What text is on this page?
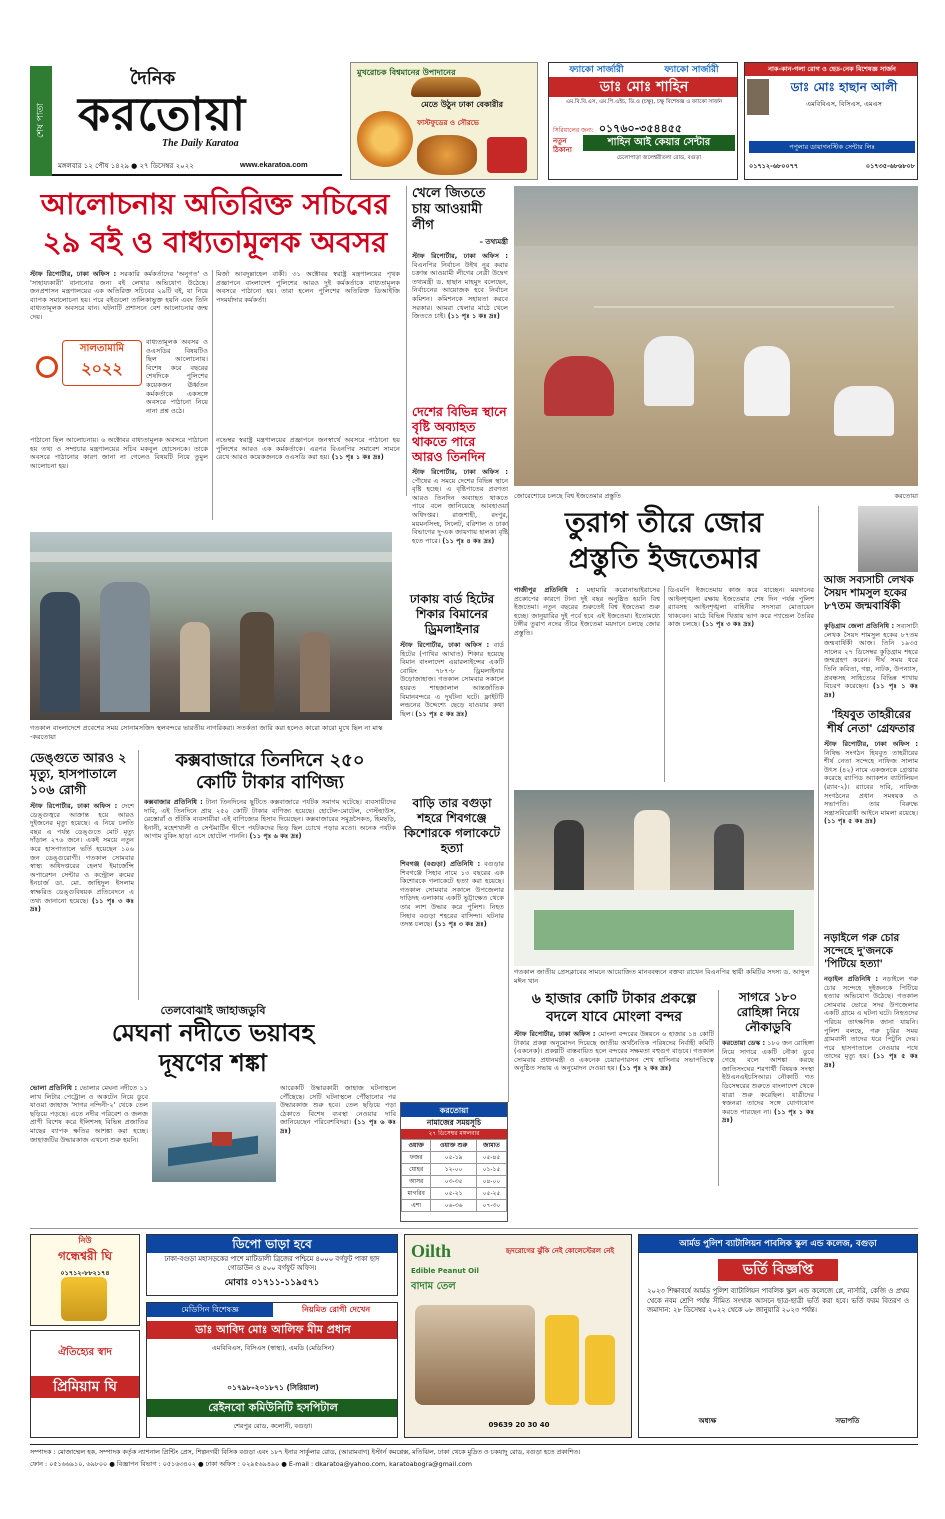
শেষ পাতা
দৈনিক
করতোয়া
The Daily Karatoa
মঙ্গলবার ১২ পৌষ ১৪২৯ ● ২৭ ডিসেম্বর ২০২২	www.ekaratoa.com
মুখরোচক বিশ্বমানের উপাদানের
মেতে উঠুন ঢাকা বেকারীর
ফাস্টফুডের ও সৌরভে
ফ্যাকো সার্জারী	ফ্যাকো সার্জারী
ডাঃ মোঃ শাহিন
এম.বি.বি.এস, এম.পি.এইচ, ডি.ও (চক্ষু), চক্ষু বিশেষজ্ঞ ও ফ্যাকো সার্জন
সিরিয়ালের জন্য: ০১৭৬০-৩৫৪৪৫৫
নতুন ঠিকানা
শাহিন আই কেয়ার সেন্টার
চেলোপাড়া জলেশ্বরীতলা রোড, বগুড়া
নাক-কান-গলা রোগ ও হেড-নেক বিশেষজ্ঞ সার্জন
ডাঃ মোঃ হাছান আলী
এমবিবিএস, বিসিএস, এমএস
পপুলার ডায়াগনস্টিক সেন্টার লিঃ
০১৭১২-৬৮০০৭৭	০১৭৩৫-৬৮৬৮০৮
আলোচনায় অতিরিক্ত সচিবের
২৯ বই ও বাধ্যতামূলক অবসর
স্টাফ রিপোর্টার, ঢাকা অফিস : সরকারি কর্মকর্তাদের 'অনুগত' ও 'সাহায্যকারী' বানানোর জন্য বই লেখার অভিযোগ উঠেছে। জনপ্রশাসন মন্ত্রণালয়ের এক অতিরিক্ত সচিবের ২৯টি বই, যা নিয়ে ব্যাপক সমালোচনা হয়। পরে বইগুলো তালিকাভুক্ত হয়নি এবং তিনি বাধ্যতামূলক অবসরে যান। ঘটনাটি প্রশাসনে বেশ আলোচনার জন্ম দেয়।
সালতামামি
২০২২
বাধ্যতামূলক অবসর ও ওএসডির বিষয়টিও ছিল আলোচনায়। বিশেষ করে বছরের শেষদিকে পুলিশের কয়েকজন ঊর্ধ্বতন কর্মকর্তাকে একসঙ্গে অবসরে পাঠানো নিয়ে নানা প্রশ্ন ওঠে।
পাঠানো ছিল আলোচনায়। ৬ অক্টোবর বাধ্যতামূলক অবসরে পাঠানো হয় তথ্য ও সম্প্রচার মন্ত্রণালয়ের সচিব মকবুল হোসেনকে। তাকে অবসরে পাঠানোর কারণ জানা না গেলেও বিষয়টি নিয়ে তুমুল আলোচনা হয়।
মির্জা আবদুল্লাহেল বাকী। ৩১ অক্টোবর স্বরাষ্ট্র মন্ত্রণালয়ের পৃথক প্রজ্ঞাপনে বাংলাদেশ পুলিশের আরও দুই কর্মকর্তাকে বাধ্যতামূলক অবসরে পাঠানো হয়। তারা হলেন পুলিশের অতিরিক্ত ডিআইজি পদমর্যাদার কর্মকর্তা।
নভেম্বর স্বরাষ্ট্র মন্ত্রণালয়ের প্রজ্ঞাপনে জনস্বার্থে অবসরে পাঠানো হয় পুলিশের আরও এক কর্মকর্তাকে। এরপর বিএনপির সমাবেশ সামনে রেখে আরও কয়েকজনকে ওএসডি করা হয়। (১১ পৃঃ ১ কঃ দ্রঃ)
গতকাল বাংলাদেশে প্রবেশের সময় সোনামসজিদ স্থলবন্দরে ভারতীয় নাগরিকরা। সতর্কতা জারি করা হলেও কারো কারো মুখে ছিল না মাস্ক -করতোয়া
খেলে জিততে চায় আওয়ামী লীগ
– তথ্যমন্ত্রী
স্টাফ রিপোর্টার, ঢাকা অফিস : বিএনপির নির্বাচন উইথ নুর করার চক্রান্ত আওয়ামী লীগের নেত্রী উদ্বেগ তথ্যমন্ত্রী ড. হাছান মাহমুদ বলেছেন, নির্বাচনের আয়োজক হবে নির্বাচন কমিশন। কমিশনকে সহায়তা করবে সরকার। আমরা খেলার মাঠে খেলে জিততে চাই। (১১ পৃঃ ১ কঃ দ্রঃ)
দেশের বিভিন্ন স্থানে বৃষ্টি অব্যাহত থাকতে পারে আরও তিনদিন
স্টাফ রিপোর্টার, ঢাকা অফিস : পৌষের এ সময়ে দেশের বিভিন্ন স্থানে বৃষ্টি হচ্ছে। এ বৃষ্টিপাতের প্রবণতা আরও তিনদিন অব্যাহত থাকতে পারে বলে জানিয়েছে আবহাওয়া অধিদপ্তর। রাজশাহী, রংপুর, ময়মনসিংহ, সিলেট, বরিশাল ও ঢাকা বিভাগের দু-এক জায়গায় হালকা বৃষ্টি হতে পারে। (১১ পৃঃ ৪ কঃ দ্রঃ)
জোরেশোরে চলছে বিশ্ব ইজতেমার প্রস্তুতি	করতোয়া
আজ সব্যসাচী লেখক সৈয়দ শামসুল হকের ৮৭তম জন্মবার্ষিকী
কুড়িগ্রাম জেলা প্রতিনিধি : সব্যসাচী লেখক সৈয়দ শামসুল হকের ৮৭তম জন্মবার্ষিকী আজ। তিনি ১৯৩৫ সালের ২৭ ডিসেম্বর কুড়িগ্রাম শহরে জন্মগ্রহণ করেন। দীর্ঘ সময় ধরে তিনি কবিতা, গল্প, নাটক, উপন্যাস, প্রবন্ধসহ সাহিত্যের বিভিন্ন শাখায় বিচরণ করেছেন। (১১ পৃঃ ১ কঃ দ্রঃ)
'হিযবুত তাহরীরের শীর্ষ নেতা' গ্রেফতার
স্টাফ রিপোর্টার, ঢাকা অফিস : নিষিদ্ধ সংগঠন হিযবুত তাহরীরের শীর্ষ নেতা সন্দেহে নাফিজ সালাম উৎস (৪২) নামে একজনকে গ্রেপ্তার করেছে র‌্যাপিড অ্যাকশন ব্যাটালিয়ন (র‌্যাব-২)। র‌্যাবের দাবি, নাফিজ সংগঠনের প্রধান সমন্বয়ক ও সভাপতি। তার বিরুদ্ধে সন্ত্রাসবিরোধী আইনে মামলা রয়েছে। (১১ পৃঃ ৫ কঃ দ্রঃ)
নড়াইলে গরু চোর সন্দেহে দু'জনকে 'পিটিয়ে হত্যা'
নড়াইল প্রতিনিধি : নড়াইলে গরু চোর সন্দেহে দুইজনকে পিটিয়ে হত্যার অভিযোগ উঠেছে। গতকাল সোমবার ভোরে সদর উপজেলার একটি গ্রামে এ ঘটনা ঘটে। নিহতদের পরিচয় তাৎক্ষণিক জানা যায়নি। পুলিশ বলছে, গরু চুরির সময় গ্রামবাসী তাদের ধরে পিটুনি দেয়। পরে হাসপাতালে নেওয়ার পথে তাদের মৃত্যু হয়। (১১ পৃঃ ৫ কঃ দ্রঃ)
তুরাগ তীরে জোর
প্রস্তুতি ইজতেমার
গাজীপুর প্রতিনিধি : মহামারি করোনাভাইরাসের প্রকোপের কারণে টানা দুই বছর অনুষ্ঠিত হয়নি বিশ্ব ইজতেমা। নতুন বছরের শুরুতেই বিশ্ব ইজতেমা শুরু হচ্ছে। জানুয়ারির দুই পর্বে হবে এই ইজতেমা। ইতোমধ্যে টঙ্গীর তুরাগ নদের তীরে ইজতেমা ময়দানে চলছে জোর প্রস্তুতি।
ডিএমপি ইজতেমায় কাজ করে যাচ্ছেন। ময়দানের আইনশৃঙ্খলা রক্ষায় ইজতেমার শেষ দিন পর্যন্ত পুলিশ র‌্যাবসহ আইনশৃঙ্খলা বাহিনীর সদস্যরা মোতায়েন থাকবেন। মাঠে বিভিন্ন খিত্তায় ভাগ করে প্যান্ডেল তৈরির কাজ চলছে। (১১ পৃঃ ৩ কঃ দ্রঃ)
ঢাকায় বার্ড হিটের শিকার বিমানের ড্রিমলাইনার
স্টাফ রিপোর্টার, ঢাকা অফিস : বার্ড হিটের (পাখির আঘাত) শিকার হয়েছে বিমান বাংলাদেশ এয়ারলাইন্সের একটি বোয়িং ৭৮৭-৮ ড্রিমলাইনার উড়োজাহাজ। গতকাল সোমবার সকালে হযরত শাহজালাল আন্তর্জাতিক বিমানবন্দরে এ দুর্ঘটনা ঘটে। ফ্লাইটটি লন্ডনের উদ্দেশ্যে ছেড়ে যাওয়ার কথা ছিল। (১১ পৃঃ ৫ কঃ দ্রঃ)
বাড়ি তার বগুড়া শহরে শিবগঞ্জে কিশোরকে গলাকেটে হত্যা
শিবগঞ্জ (বগুড়া) প্রতিনিধি : বগুড়ার শিবগঞ্জে সিহাব নামে ১৩ বছরের এক কিশোরকে গলাকেটে হত্যা করা হয়েছে। গতকাল সোমবার সকালে উপজেলার দাড়িদহ এলাকায় একটি ভুট্টাক্ষেত থেকে তার লাশ উদ্ধার করে পুলিশ। নিহত সিহাব বগুড়া শহরের বাসিন্দা। ঘটনার তদন্ত চলছে। (১১ পৃঃ ৩ কঃ দ্রঃ)
ডেঙ্গুতে আরও ২ মৃত্যু, হাসপাতালে ১০৬ রোগী
স্টাফ রিপোর্টার, ঢাকা অফিস : দেশে ডেঙ্গুজ্বরে আক্রান্ত হয়ে আরও দুইজনের মৃত্যু হয়েছে। এ নিয়ে চলতি বছর এ পর্যন্ত ডেঙ্গুতে মোট মৃত্যু দাঁড়াল ২৭৬ জনে। একই সময়ে নতুন করে হাসপাতালে ভর্তি হয়েছেন ১০৬ জন ডেঙ্গুরোগী। গতকাল সোমবার স্বাস্থ্য অধিদপ্তরের হেলথ ইমার্জেন্সি অপারেশন সেন্টার ও কন্ট্রোল রুমের ইনচার্জ ডা. মো. জাহিদুল ইসলাম স্বাক্ষরিত ডেঙ্গুবিষয়ক প্রতিবেদনে এ তথ্য জানানো হয়েছে। (১১ পৃঃ ৩ কঃ দ্রঃ)
কক্সবাজারে তিনদিনে ২৫০
কোটি টাকার বাণিজ্য
কক্সবাজার প্রতিনিধি : টানা তিনদিনের ছুটিতে কক্সবাজারে পর্যটক সমাগম ঘটেছে। ব্যবসায়ীদের দাবি, এই তিনদিনে প্রায় ২৫০ কোটি টাকার বাণিজ্য হয়েছে। হোটেল-মোটেল, গেস্টহাউস, রেস্তোরাঁ ও শুঁটকি ব্যবসায়ীরা এই বাণিজ্যের হিসাব দিয়েছেন। কক্সবাজারের সমুদ্রসৈকত, হিমছড়ি, ইনানী, মহেশখালী ও সেন্টমার্টিন দ্বীপে পর্যটকদের ভিড় ছিল চোখে পড়ার মতো। অনেক পর্যটক আগাম বুকিং ছাড়া এসে হোটেল পাননি। (১১ পৃঃ ৬ কঃ দ্রঃ)
গতকাল জাতীয় প্রেসক্লাবের সামনে আয়োজিত মানববন্ধনে বক্তব্য রাখেন বিএনপির স্থায়ী কমিটির সদস্য ড. আব্দুল মঈন খান
৬ হাজার কোটি টাকার প্রকল্পে বদলে যাবে মোংলা বন্দর
স্টাফ রিপোর্টার, ঢাকা অফিস : মোংলা বন্দরের উন্নয়নে ৬ হাজার ১৪ কোটি টাকার প্রকল্প অনুমোদন দিয়েছে জাতীয় অর্থনৈতিক পরিষদের নির্বাহী কমিটি (একনেক)। প্রকল্পটি বাস্তবায়িত হলে বন্দরের সক্ষমতা বহুগুণ বাড়বে। গতকাল সোমবার প্রধানমন্ত্রী ও একনেক চেয়ারপারসন শেখ হাসিনার সভাপতিত্বে অনুষ্ঠিত সভায় এ অনুমোদন দেওয়া হয়। (১১ পৃঃ ২ কঃ দ্রঃ)
সাগরে ১৮০ রোহিঙ্গা নিয়ে নৌকাডুবি
করতোয়া ডেস্ক : ১৮০ জন রোহিঙ্গা নিয়ে সাগরে একটি নৌকা ডুবে গেছে বলে আশঙ্কা করছে জাতিসংঘের শরণার্থী বিষয়ক সংস্থা ইউএনএইচসিআর। নৌকাটি গত ডিসেম্বরের শুরুতে বাংলাদেশ থেকে যাত্রা শুরু করেছিল। যাত্রীদের স্বজনরা তাদের সঙ্গে যোগাযোগ করতে পারছেন না। (১১ পৃঃ ১ কঃ দ্রঃ)
তেলবোঝাই জাহাজডুবি
মেঘনা নদীতে ভয়াবহ
দূষণের শঙ্কা
ভোলা প্রতিনিধি : ভোলার মেঘনা নদীতে ১১ লাখ লিটার পেট্রোল ও অকটেন নিয়ে ডুবে যাওয়া জাহাজ 'সাগর নন্দিনী-২' থেকে তেল ছড়িয়ে পড়ছে। এতে নদীর পরিবেশ ও জলজ প্রাণী বিশেষ করে ইলিশসহ বিভিন্ন প্রজাতির মাছের ব্যাপক ক্ষতির আশঙ্কা করা হচ্ছে। জাহাজটির উদ্ধারকাজ এখনো শুরু হয়নি।
আরেকটি উদ্ধারকারী জাহাজ ঘটনাস্থলে পৌঁছেছে। সেটি ঘটনাস্থলে পৌঁছানোর পর উদ্ধারকাজ শুরু হবে। তেল ছড়িয়ে পড়া ঠেকাতে বিশেষ ব্যবস্থা নেওয়ার দাবি জানিয়েছেন পরিবেশবিদরা। (১১ পৃঃ ৬ কঃ দ্রঃ)
করতোয়া
নামাজের সময়সূচি
২৭ ডিসেম্বর মঙ্গলবার
ওয়াক্ত	ওয়াক্ত শুরু	জামাত
ফজর	০৫-১৯	০৫-৪৫
যোহর	১২-০০	০১-১৫
আসর	০৩-৩৫	০৪-০০
মাগরিব	০৫-২১	০৫-২৫
এশা	০৬-৩৬	০৭-৩০
নিউ
গন্ধেশ্বরী ঘি
০১৭১২-৮৮২১৭৪
ঐতিহ্যের স্বাদ
প্রিমিয়াম ঘি
ডিপো ভাড়া হবে
ঢাকা-বগুড়া মহাসড়কের পাশে মাটিডালী ব্রিজের পশ্চিমে ৪০০০ বর্গফুট পাকা ছাদ গোডাউন ও ৫০০ বর্গফুট অফিস।
মোবাঃ ০১৭১১-১১৯৫৭১
মেডিসিন বিশেষজ্ঞ	নিয়মিত রোগী দেখেন
ডাঃ আবিদ মোঃ আলিফ মীম প্রধান
এমবিবিএস, বিসিএস (স্বাস্থ্য), এমডি (মেডিসিন)
০১৭৯৮-২০১৮৭১ (সিরিয়াল)
রেইনবো কমিউনিটি হসপিটাল
শেরপুর রোড, কলোনী, বগুড়া।
Oilth
Edible Peanut Oil
বাদাম তেল
হৃদরোগের ঝুঁকি নেই কোলেস্টেরল নেই
09639 20 30 40
আর্মড পুলিশ ব্যাটালিয়ন পাবলিক স্কুল এন্ড কলেজ, বগুড়া
ভর্তি বিজ্ঞপ্তি
২০২৩ শিক্ষাবর্ষে আর্মড পুলিশ ব্যাটালিয়ন পাবলিক স্কুল এন্ড কলেজে প্লে, নার্সারি, কেজি ও প্রথম থেকে নবম শ্রেণি পর্যন্ত সীমিত সংখ্যক আসনে ছাত্র-ছাত্রী ভর্তি করা হবে। ভর্তি ফরম বিতরণ ও জমাদান: ২৮ ডিসেম্বর ২০২২ থেকে ০৮ জানুয়ারি ২০২৩ পর্যন্ত।
অধ্যক্ষ	সভাপতি
সম্পাদক : মোজাম্মেল হক, সম্পাদক কর্তৃক ন্যাশনাল প্রিন্টিং প্রেস, শিল্পনগরী বিসিক বগুড়া এবং ১৮৭ ইনার সার্কুলার রোড, (আরামবাগ) ইস্টার্ন কমপ্লেক্স, মতিঝিল, ঢাকা থেকে মুদ্রিত ও চকযাদু রোড, বগুড়া হতে প্রকাশিত।
ফোন : ০৫১৬৬৯১০, ৬৯৮০০ ● বিজ্ঞাপন বিভাগ : ০৫১৬৩৪০২ ● ঢাকা অফিস : ০২৯৫৬৯৪৯০ ● E-mail : dkaratoa@yahoo.com, karatoabogra@gmail.com
